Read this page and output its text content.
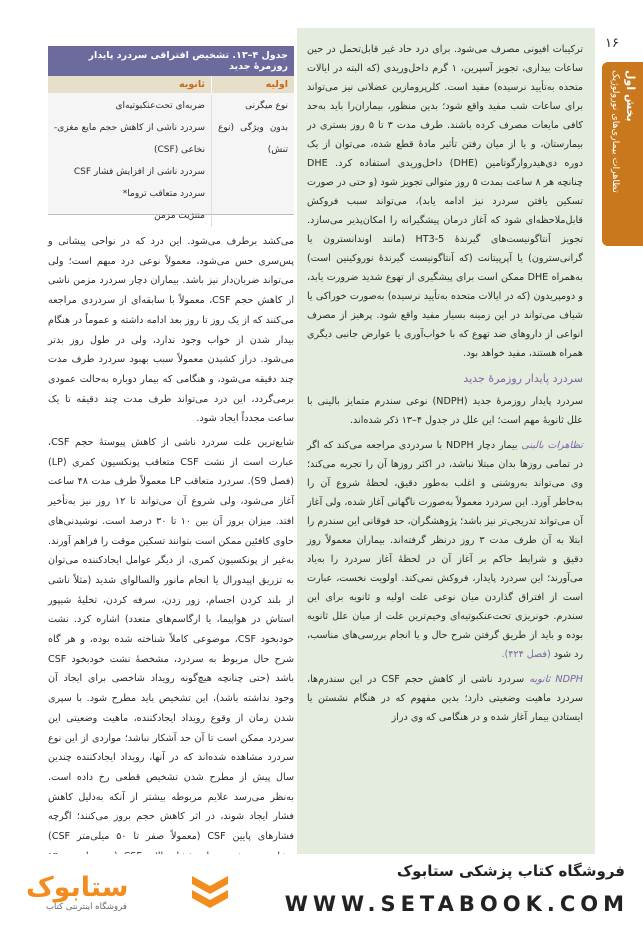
۱۶
بخش اول
تظاهرات بیماری‌های نورولوژیک

ترکیبات افیونی مصرف می‌شود. برای درد حاد غیر قابل‌تحمل در حین ساعات بیداری، تجویز آسپرین، ۱ گرم داخل‌وریدی (که البته در ایالات متحده به‌تأیید نرسیده) مفید است. کلرپرومازین عضلانی نیز می‌تواند برای ساعات شب مفید واقع شود؛ بدین منظور، بیماران‌را باید به‌حد کافی مایعات مصرف کرده باشند. طرف مدت ۳ تا ۵ روز بستری در بیمارستان، و یا از میان رفتن تأثیر مادهٔ قطع شده، می‌توان از یک دوره دی‌هیدروارگوتامین (DHE) داخل‌وریدی استفاده کرد. DHE چنانچه هر ۸ ساعت بمدت ۵ روز متوالی تجویز شود (و حتی در صورت تسکین یافتن سردرد نیز ادامه یابد)، می‌تواند سبب فروکش قابل‌ملاحظه‌ای شود که آغاز درمان پیشگیرانه را امکان‌پذیر می‌سازد. تجویز آنتاگونیست‌های گیرندهٔ 5-HT3 (مانند اوندانسترون یا گرانی‌سترون) یا آپرپیتانت (که آنتاگونیست گیرندهٔ نوروکینین است) به‌همراه DHE ممکن است برای پیشگیری از تهوع شدید ضرورت یابد، و دومپریدون (که در ایالات متحده به‌تأیید نرسیده) به‌صورت خوراکی یا شیاف می‌تواند در این زمینه بسیار مفید واقع شود. پرهیز از مصرف انواعی از داروهای ضد تهوع که با خواب‌آوری یا عوارض جانبی دیگری همراه هستند، مفید خواهد بود.

سردرد پایدار روزمرهٔ جدید

سردرد پایدار روزمرهٔ جدید (NDPH) نوعی سندرم متمایز بالینی با علل ثانویهٔ مهم است؛ این علل در جدول ۴–۱۳ ذکر شده‌اند.

تظاهرات بالینی بیمار دچار NDPH با سردردی مراجعه می‌کند که اگر در تمامی روزها بدان مبتلا نباشد، در اکثر روزها آن را تجربه می‌کند؛ وی می‌تواند به‌روشنی و اغلب به‌طور دقیق، لحظهٔ شروع آن را به‌خاطر آورد. این سردرد معمولاً به‌صورت ناگهانی آغاز شده، ولی آغاز آن می‌تواند تدریجی‌تر نیز باشد؛ پژوهشگران، حد فوقانی این سندرم را ابتلا به آن طرف مدت ۳ روز درنظر گرفته‌اند. بیماران معمولاً روز دقیق و شرایط حاکم بر آغاز آن در لحظهٔ آغاز سردرد را به‌یاد می‌آورند؛ این سردرد پایدار، فروکش نمی‌کند. اولویت نخست، عبارت است از افتراق گذاردن میان نوعی علت اولیه و ثانویه برای این سندرم. خونریزی تحت‌عنکبوتیه‌ای وخیم‌ترین علت از میان علل ثانویه بوده و باید از طریق گرفتن شرح حال و یا انجام بررسی‌های مناسب، رد شود (فصل ۴۲۴).

NDPH ثانویه سردرد ناشی از کاهش حجم CSF در این سندرم‌ها، سردرد ماهیت وضعیتی دارد؛ بدین مفهوم که در هنگام نشستن یا ایستادن بیمار آغاز شده و در هنگامی که وی دراز

جدول ۴–۱۳. تشخیص افتراقی سردرد پایدار روزمرهٔ جدید
اولیه
ثانویه
نوع میگرنی
بدون ویژگی (نوع تنش)
ضربه‌ای‌ تحت‌عنکبوتیه‌ای
سردرد ناشی از کاهش حجم مایع مغزی- نخاعی (CSF)
سردرد ناشی از افزایش فشار CSF
سردرد متعاقب تروما*
مننژیت مزمن

می‌کشد برطرف می‌شود. این درد که در نواحی پیشانی و پس‌سری حس می‌شود، معمولاً نوعی درد مبهم است؛ ولی می‌تواند ضربان‌دار نیز باشد. بیماران دچار سردرد مزمن ناشی از کاهش حجم CSF، معمولاً با سابقه‌ای از سردردی مراجعه می‌کنند که از یک روز تا روز بعد ادامه داشته و عموماً در هنگام بیدار شدن از خواب وجود ندارد، ولی در طول روز بدتر می‌شود. دراز کشیدن معمولاً سبب بهبود سردرد طرف مدت چند دقیقه می‌شود، و هنگامی که بیمار دوباره به‌حالت عمودی برمی‌گردد، این درد می‌تواند طرف مدت چند دقیقه تا یک ساعت مجدداً ایجاد شود.

شایع‌ترین علت سردرد ناشی از کاهش پیوستهٔ حجم CSF، عبارت است از نشت CSF متعاقب پونکسیون کمری (LP) (فصل S9). سردرد متعاقب LP معمولاً طرف مدت ۴۸ ساعت آغاز می‌شود، ولی شروع آن می‌تواند تا ۱۲ روز نیز به‌تأخیر افتد. میزان بروز آن بین ۱۰ تا ۳۰ درصد است. نوشیدنی‌های حاوی کافئین ممکن است بتوانند تسکین موقت را فراهم آورند. به‌غیر از پونکسیون کمری، از دیگر عوامل ایجادکننده می‌توان به تزریق اپیدورال یا انجام مانور والسالوای شدید (مثلاً ناشی از بلند کردن اجسام، زور زدن، سرفه کردن، تخلیهٔ شیپور استاش در هواپیما، یا ارگاسم‌های متعدد) اشاره کرد. نشت خودبخود CSF، موضوعی کاملاً شناخته شده بوده، و هر گاه شرح حال مربوط به سردرد، مشخصهٔ نشت خودبخود CSF باشد (حتی چنانچه هیچ‌گونه رویداد شاخصی برای ایجاد آن وجود نداشته باشد)، این تشخیص باید مطرح شود. با سپری شدن زمان از وقوع رویداد ایجادکننده، ماهیت وضعیتی این سردرد ممکن است تا آن حد آشکار نباشد؛ مواردی از این نوع سردرد مشاهده شده‌اند که در آنها، رویداد ایجادکننده چندین سال پیش از مطرح شدن تشخیص قطعی رخ داده است. به‌نظر می‌رسد علایم مربوطه بیشتر از آنکه به‌دلیل کاهش فشار ایجاد شوند، در اثر کاهش حجم بروز می‌کنند؛ اگرچه فشارهای پایین CSF (معمولاً صفر تا ۵۰ میلی‌متر CSF)

ستابوک
فروشگاه اینترنتی کتاب
فروشگاه کتاب پزشکی ستابوک
WWW.SETABOOK.COM
